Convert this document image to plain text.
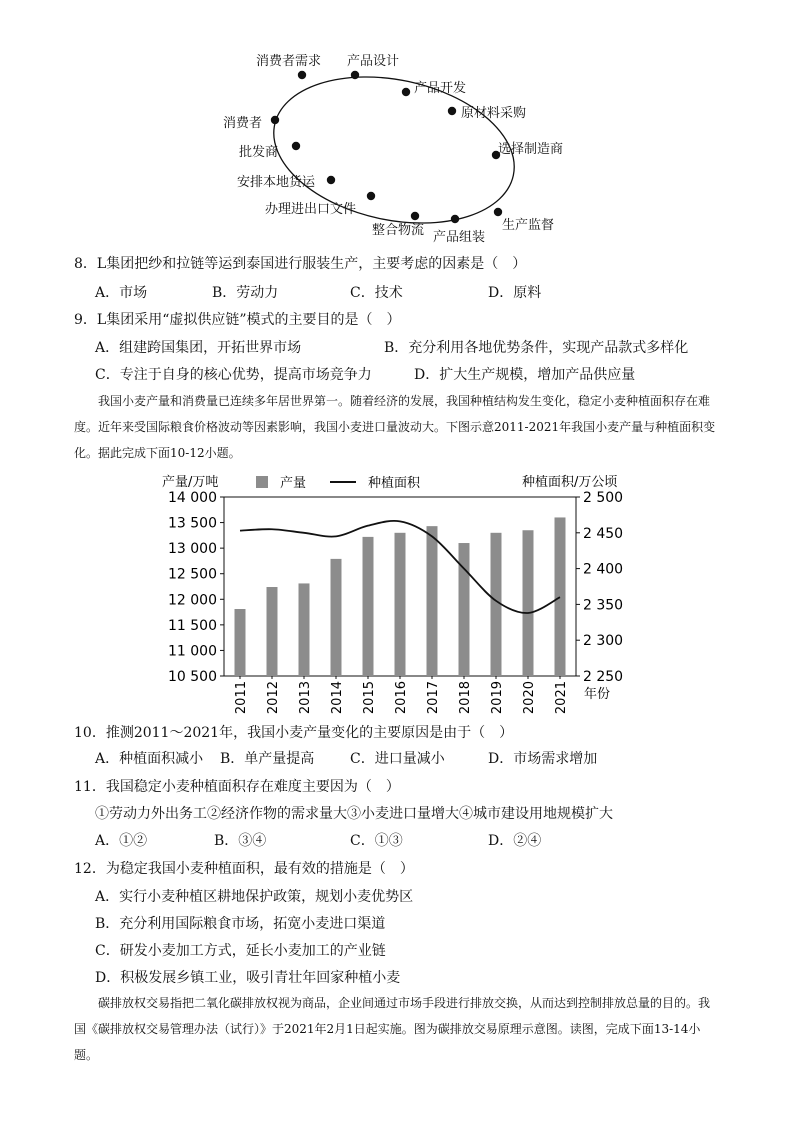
消费者需求 产品设计
产品开发
原材料采购
选择制造商
生产监督
产品组装
整合物流
办理进出口文件
安排本地货运
批发商
消费者
8．L集团把纱和拉链等运到泰国进行服装生产，主要考虑的因素是（　）
A．市场	B．劳动力	C．技术	D．原料
9．L集团采用“虚拟供应链”模式的主要目的是（　）
A．组建跨国集团，开拓世界市场	B．充分利用各地优势条件，实现产品款式多样化
C．专注于自身的核心优势，提高市场竞争力	D．扩大生产规模，增加产品供应量
我国小麦产量和消费量已连续多年居世界第一。随着经济的发展，我国种植结构发生变化，稳定小麦种植面积存在难度。近年来受国际粮食价格波动等因素影响，我国小麦进口量波动大。下图示意2011-2021年我国小麦产量与种植面积变化。据此完成下面10-12小题。
产量/万吨	种植面积/万公顷
产量	种植面积
年份
10 500
11 000
11 500
12 000
12 500
13 000
13 500
14 000
2 250
2 300
2 350
2 400
2 450
2 500
2011 2012 2013 2014 2015 2016 2017 2018 2019 2020 2021
10．推测2011～2021年，我国小麦产量变化的主要原因是由于（　）
A．种植面积减小 B．单产量提高	C．进口量减小	D．市场需求增加
11．我国稳定小麦种植面积存在难度主要因为（　）
①劳动力外出务工②经济作物的需求量大③小麦进口量增大④城市建设用地规模扩大
A．①②	B．③④	C．①③	D．②④
12．为稳定我国小麦种植面积，最有效的措施是（　）
A．实行小麦种植区耕地保护政策，规划小麦优势区
B．充分利用国际粮食市场，拓宽小麦进口渠道
C．研发小麦加工方式，延长小麦加工的产业链
D．积极发展乡镇工业，吸引青壮年回家种植小麦
碳排放权交易指把二氧化碳排放权视为商品，企业间通过市场手段进行排放交换，从而达到控制排放总量的目的。我国《碳排放权交易管理办法（试行）》于2021年2月1日起实施。图为碳排放交易原理示意图。读图，完成下面13-14小题。
